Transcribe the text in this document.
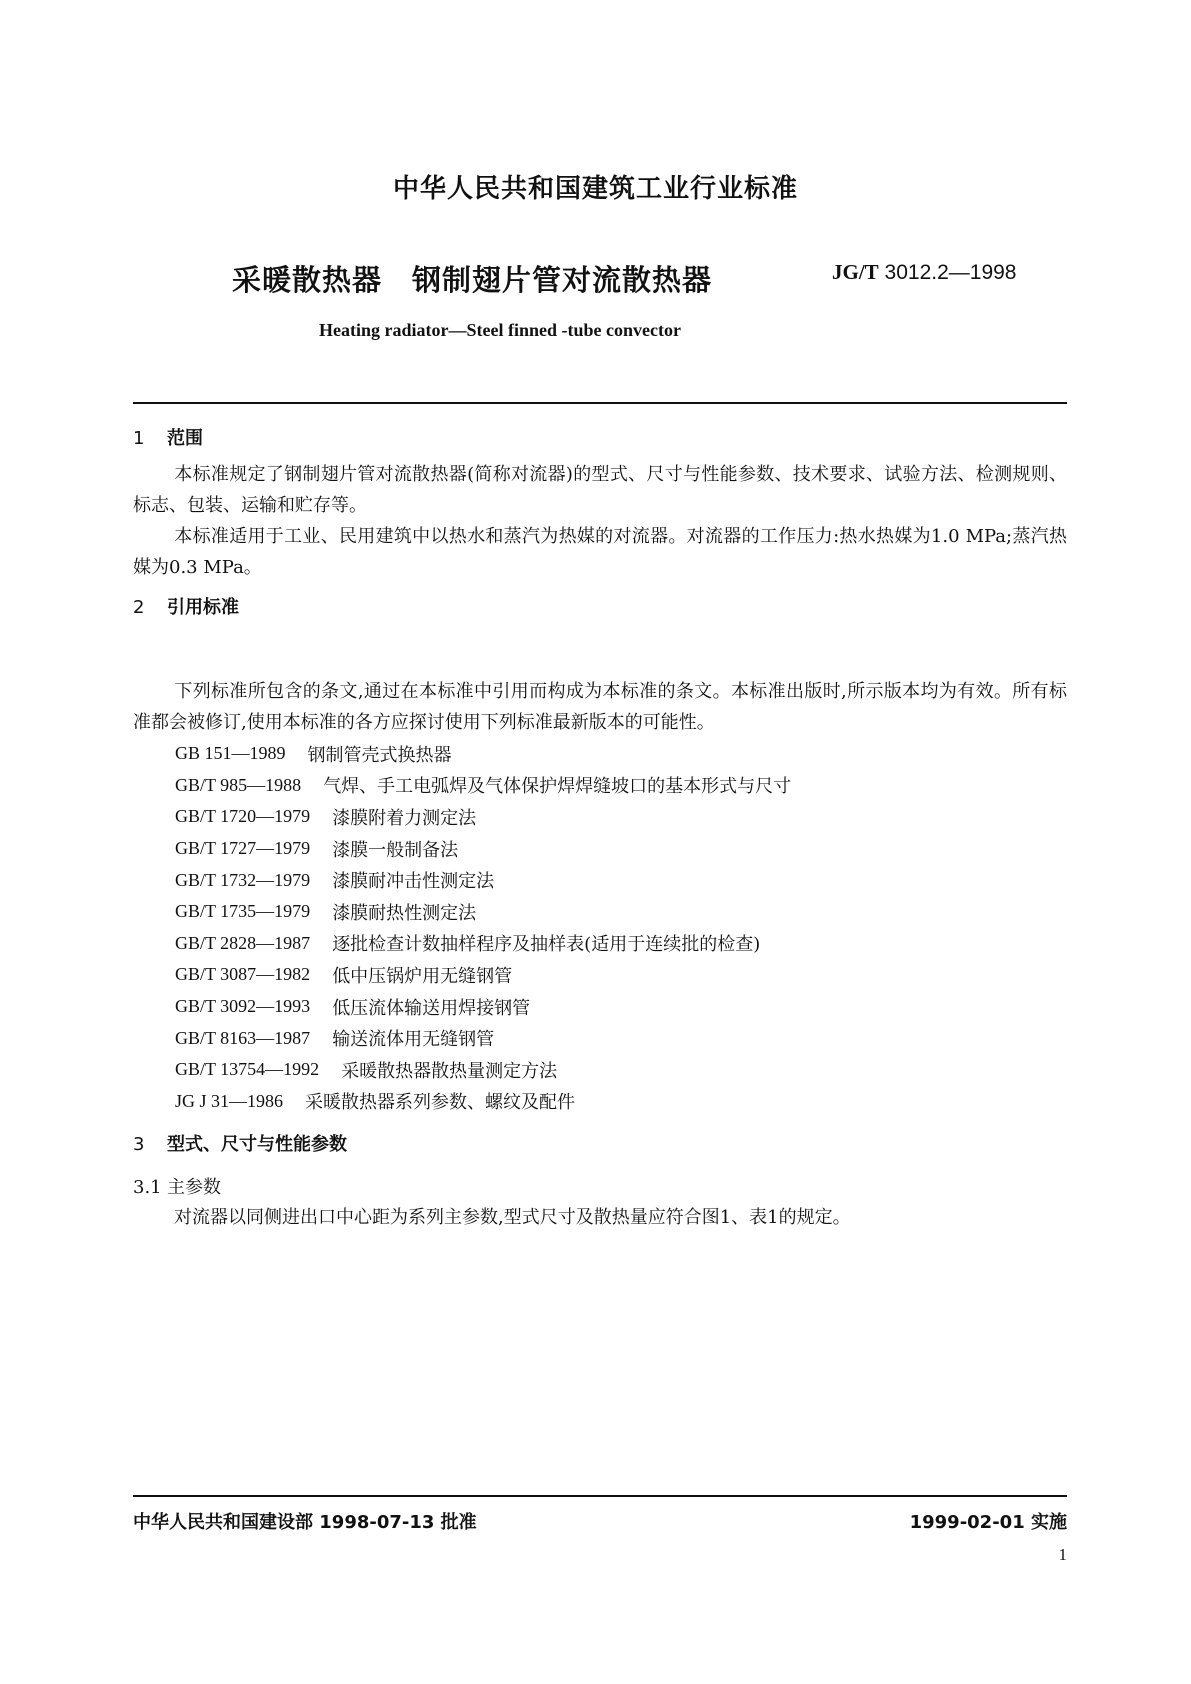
中华人民共和国建筑工业行业标准
采暖散热器 钢制翅片管对流散热器	JG/T 3012.2—1998
Heating radiator—Steel finned -tube convector
1 范围
本标准规定了钢制翅片管对流散热器(简称对流器)的型式、尺寸与性能参数、技术要求、试验方法、检测规则、标志、包装、运输和贮存等。
本标准适用于工业、民用建筑中以热水和蒸汽为热媒的对流器。对流器的工作压力:热水热媒为1.0 MPa;蒸汽热媒为0.3 MPa。
2 引用标准
下列标准所包含的条文,通过在本标准中引用而构成为本标准的条文。本标准出版时,所示版本均为有效。所有标准都会被修订,使用本标准的各方应探讨使用下列标准最新版本的可能性。
GB 151—1989 钢制管壳式换热器
GB/T 985—1988 气焊、手工电弧焊及气体保护焊焊缝坡口的基本形式与尺寸
GB/T 1720—1979 漆膜附着力测定法
GB/T 1727—1979 漆膜一般制备法
GB/T 1732—1979 漆膜耐冲击性测定法
GB/T 1735—1979 漆膜耐热性测定法
GB/T 2828—1987 逐批检查计数抽样程序及抽样表(适用于连续批的检查)
GB/T 3087—1982 低中压锅炉用无缝钢管
GB/T 3092—1993 低压流体输送用焊接钢管
GB/T 8163—1987 输送流体用无缝钢管
GB/T 13754—1992 采暖散热器散热量测定方法
JG J 31—1986 采暖散热器系列参数、螺纹及配件
3 型式、尺寸与性能参数
3.1 主参数
对流器以同侧进出口中心距为系列主参数,型式尺寸及散热量应符合图1、表1的规定。
中华人民共和国建设部 1998-07-13 批准	1999-02-01 实施
1
